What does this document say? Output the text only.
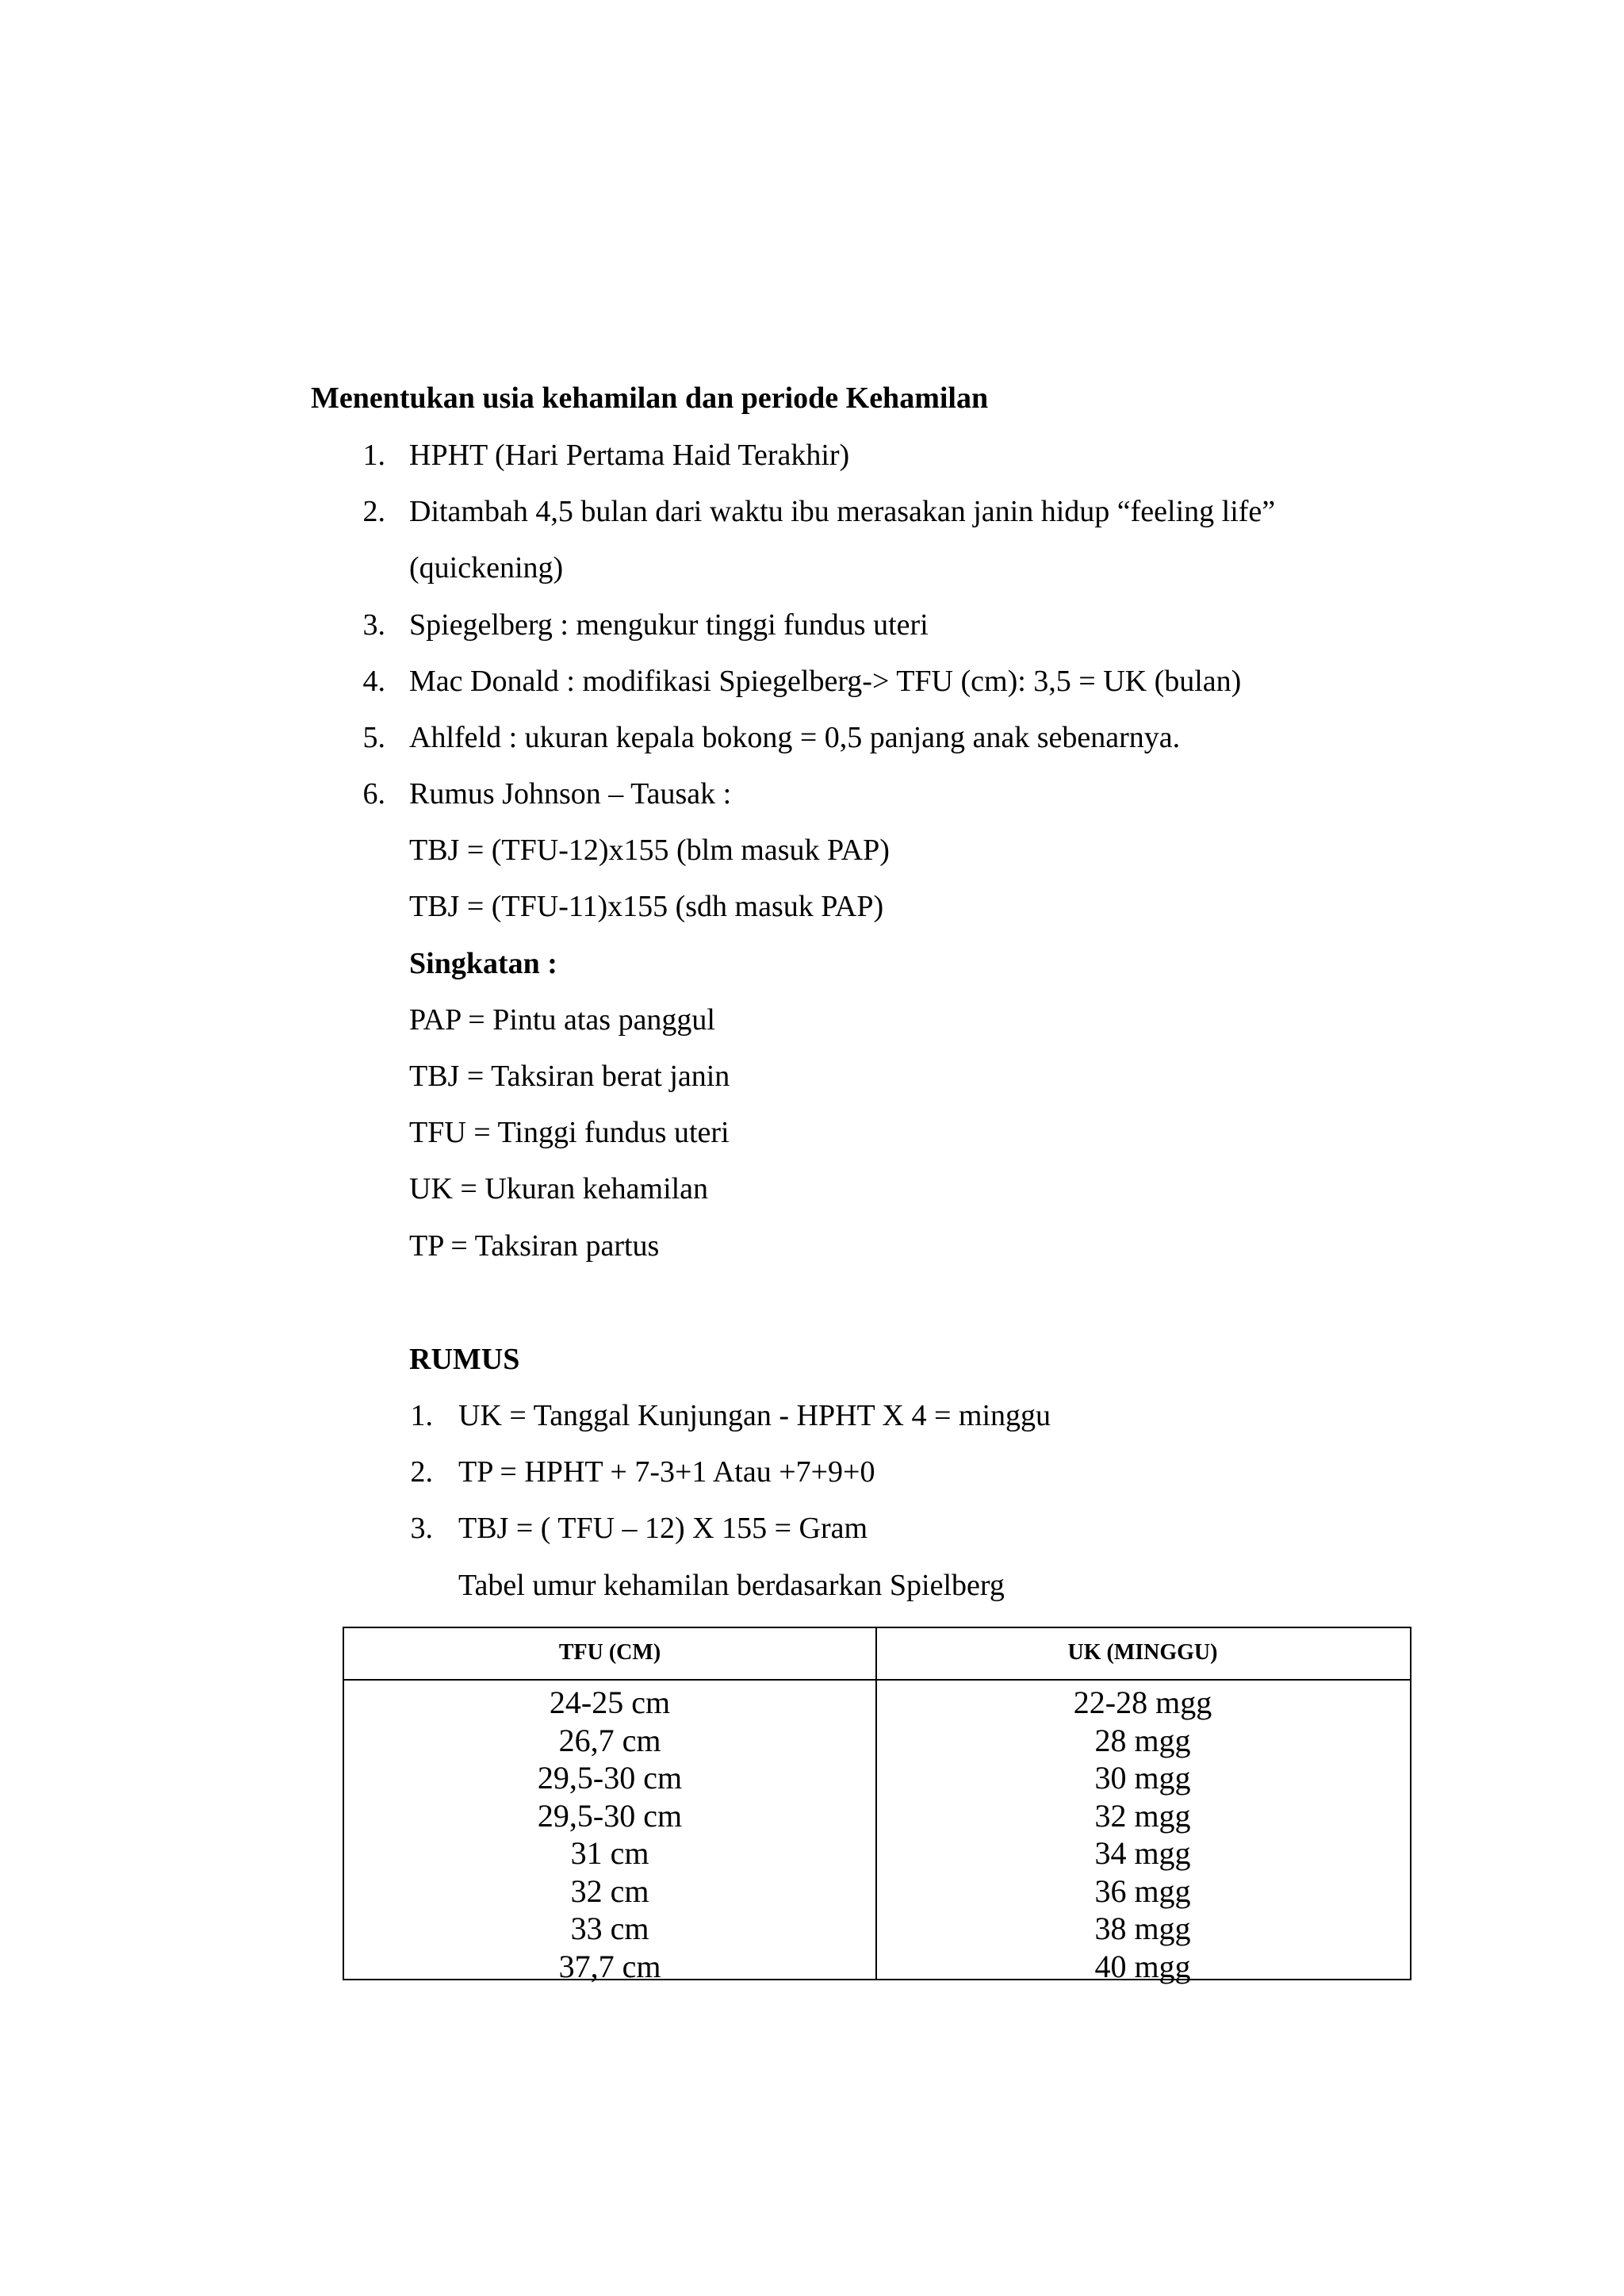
Menentukan usia kehamilan dan periode Kehamilan
1. HPHT (Hari Pertama Haid Terakhir)
2. Ditambah 4,5 bulan dari waktu ibu merasakan janin hidup “feeling life”
(quickening)
3. Spiegelberg : mengukur tinggi fundus uteri
4. Mac Donald : modifikasi Spiegelberg-> TFU (cm): 3,5 = UK (bulan)
5. Ahlfeld : ukuran kepala bokong = 0,5 panjang anak sebenarnya.
6. Rumus Johnson – Tausak :
TBJ = (TFU-12)x155 (blm masuk PAP)
TBJ = (TFU-11)x155 (sdh masuk PAP)
Singkatan :
PAP = Pintu atas panggul
TBJ = Taksiran berat janin
TFU = Tinggi fundus uteri
UK = Ukuran kehamilan
TP = Taksiran partus
RUMUS
1. UK = Tanggal Kunjungan - HPHT X 4 = minggu
2. TP = HPHT + 7-3+1 Atau +7+9+0
3. TBJ = ( TFU – 12) X 155 = Gram
Tabel umur kehamilan berdasarkan Spielberg
TFU (CM)	UK (MINGGU)
24-25 cm
26,7 cm
29,5-30 cm
29,5-30 cm
31 cm
32 cm
33 cm
37,7 cm
22-28 mgg
28 mgg
30 mgg
32 mgg
34 mgg
36 mgg
38 mgg
40 mgg
